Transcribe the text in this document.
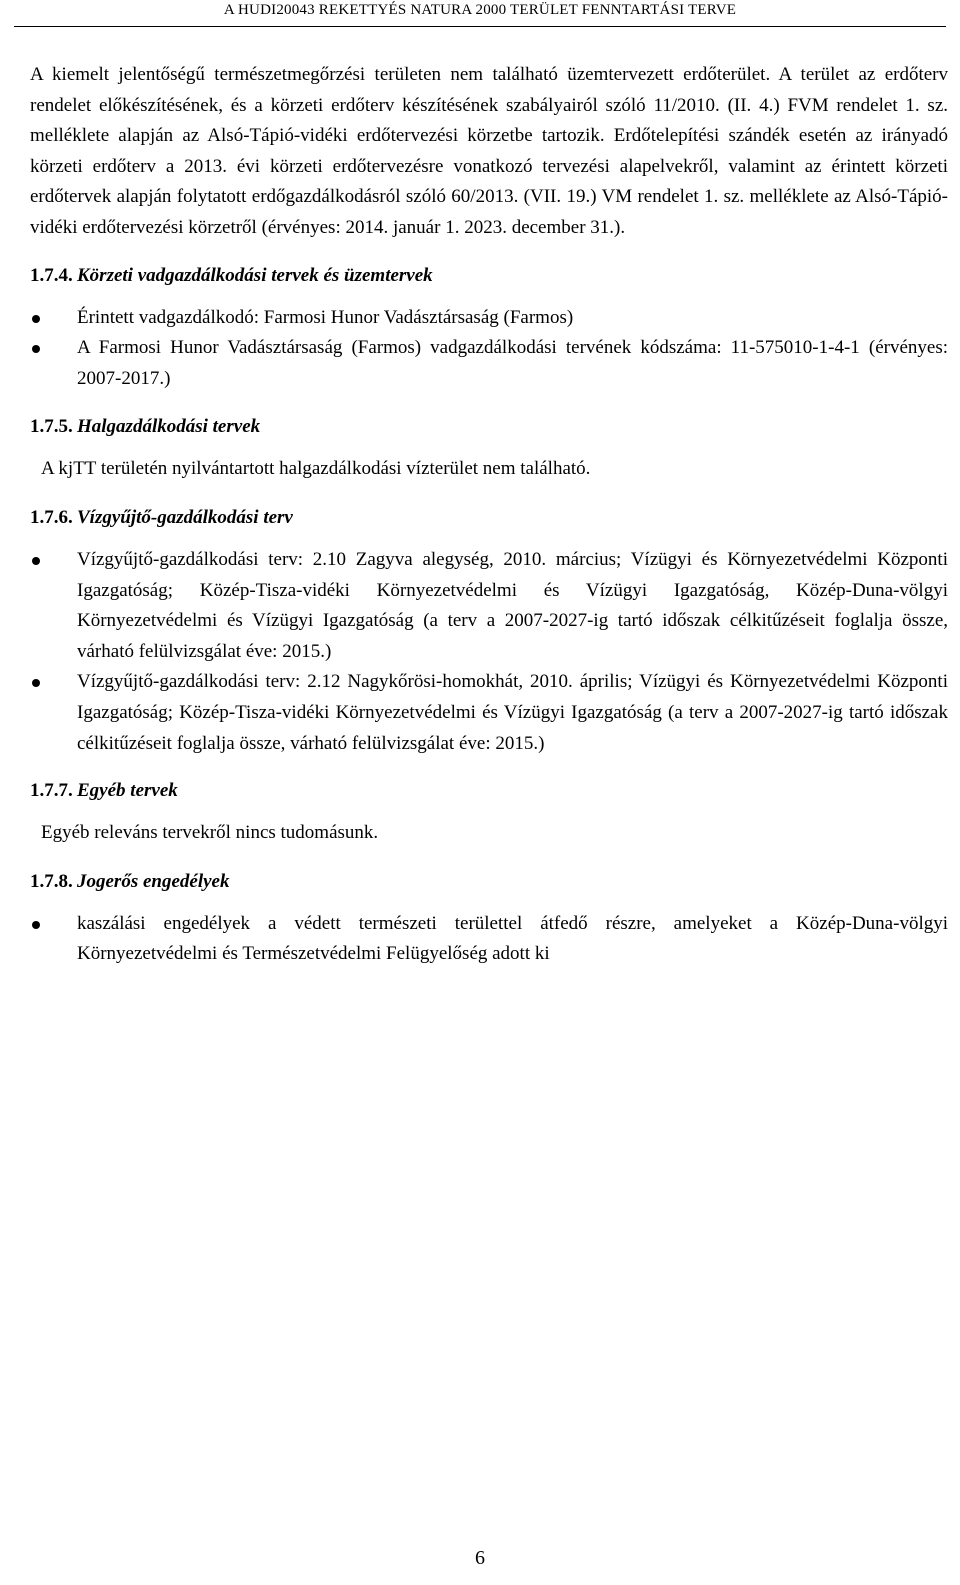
A HUDI20043 REKETTYÉS NATURA 2000 TERÜLET FENNTARTÁSI TERVE

A kiemelt jelentőségű természetmegőrzési területen nem található üzemtervezett erdőterület. A terület az erdőterv rendelet előkészítésének, és a körzeti erdőterv készítésének szabályairól szóló 11/2010. (II. 4.) FVM rendelet 1. sz. melléklete alapján az Alsó-Tápió-vidéki erdőtervezési körzetbe tartozik. Erdőtelepítési szándék esetén az irányadó körzeti erdőterv a 2013. évi körzeti erdőtervezésre vonatkozó tervezési alapelvekről, valamint az érintett körzeti erdőtervek alapján folytatott erdőgazdálkodásról szóló 60/2013. (VII. 19.) VM rendelet 1. sz. melléklete az Alsó-Tápió-vidéki erdőtervezési körzetről (érvényes: 2014. január 1. 2023. december 31.).

1.7.4. Körzeti vadgazdálkodási tervek és üzemtervek
Érintett vadgazdálkodó: Farmosi Hunor Vadásztársaság (Farmos)
A Farmosi Hunor Vadásztársaság (Farmos) vadgazdálkodási tervének kódszáma: 11-575010-1-4-1 (érvényes: 2007-2017.)
1.7.5. Halgazdálkodási tervek

A kjTT területén nyilvántartott halgazdálkodási vízterület nem található.

1.7.6. Vízgyűjtő-gazdálkodási terv
Vízgyűjtő-gazdálkodási terv: 2.10 Zagyva alegység, 2010. március; Vízügyi és Környezetvédelmi Központi Igazgatóság; Közép-Tisza-vidéki Környezetvédelmi és Vízügyi Igazgatóság, Közép-Duna-völgyi Környezetvédelmi és Vízügyi Igazgatóság (a terv a 2007-2027-ig tartó időszak célkitűzéseit foglalja össze, várható felülvizsgálat éve: 2015.)
Vízgyűjtő-gazdálkodási terv: 2.12 Nagykőrösi-homokhát, 2010. április; Vízügyi és Környezetvédelmi Központi Igazgatóság; Közép-Tisza-vidéki Környezetvédelmi és Vízügyi Igazgatóság (a terv a 2007-2027-ig tartó időszak célkitűzéseit foglalja össze, várható felülvizsgálat éve: 2015.)
1.7.7. Egyéb tervek

Egyéb releváns tervekről nincs tudomásunk.

1.7.8. Jogerős engedélyek
kaszálási engedélyek a védett természeti területtel átfedő részre, amelyeket a Közép-Duna-völgyi Környezetvédelmi és Természetvédelmi Felügyelőség adott ki
6
